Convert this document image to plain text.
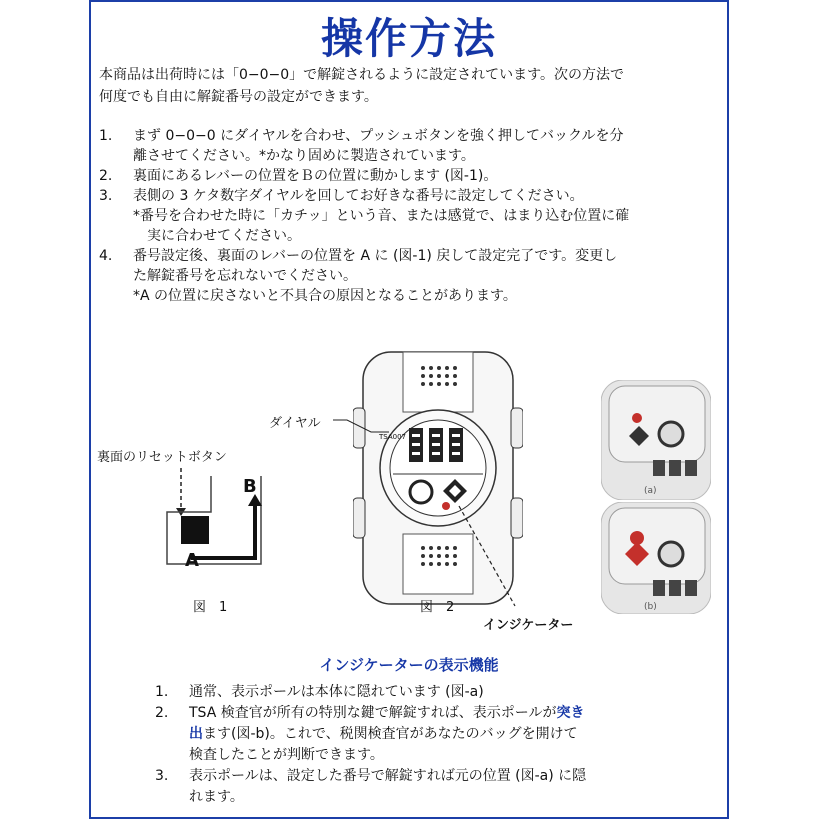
操作方法
本商品は出荷時には「0−0−0」で解錠されるように設定されています。次の方法で
何度でも自由に解錠番号の設定ができます。
1.	まず 0−0−0 にダイヤルを合わせ、プッシュボタンを強く押してバックルを分
離させてください。*かなり固めに製造されています。
2.	裏面にあるレバーの位置をＢの位置に動かします (図-1)。
3.	表側の 3 ケタ数字ダイヤルを回してお好きな番号に設定してください。
*番号を合わせた時に「カチッ」という音、または感覚で、はまり込む位置に確
　実に合わせてください。
4.	番号設定後、裏面のレバーの位置を A に (図-1) 戻して設定完了です。変更し
た解錠番号を忘れないでください。
*A の位置に戻さないと不具合の原因となることがあります。
裏面のリセットボタン
A
B
図　1
TSA007
ダイヤル
インジケーター
図　2
(a)
(b)
インジケーターの表示機能
1.	通常、表示ポールは本体に隠れています (図-a)
2.	TSA 検査官が所有の特別な鍵で解錠すれば、表示ポールが突き
出ます(図-b)。これで、税関検査官があなたのバッグを開けて
検査したことが判断できます。
3.	表示ポールは、設定した番号で解錠すれば元の位置 (図-a) に隠
れます。
